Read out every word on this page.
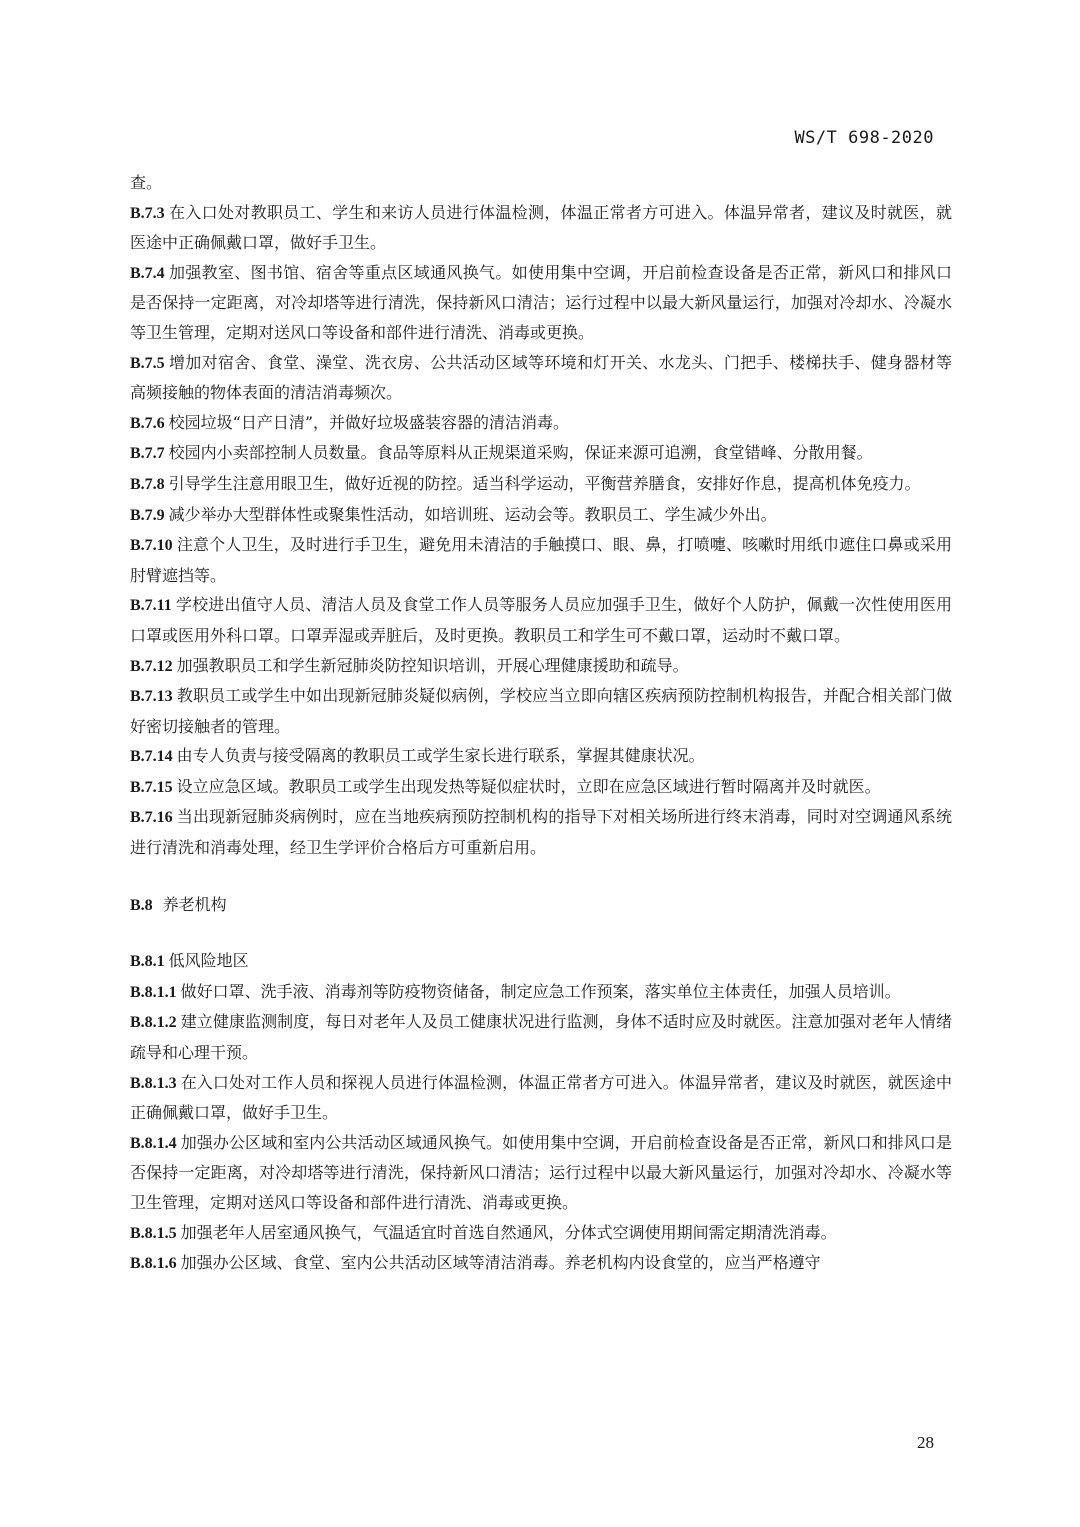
WS/T 698-2020

查。

B.7.3 在入口处对教职员工、学生和来访人员进行体温检测，体温正常者方可进入。体温异常者，建议及时就医，就医途中正确佩戴口罩，做好手卫生。

B.7.4 加强教室、图书馆、宿舍等重点区域通风换气。如使用集中空调，开启前检查设备是否正常，新风口和排风口是否保持一定距离，对冷却塔等进行清洗，保持新风口清洁；运行过程中以最大新风量运行，加强对冷却水、冷凝水等卫生管理，定期对送风口等设备和部件进行清洗、消毒或更换。

B.7.5 增加对宿舍、食堂、澡堂、洗衣房、公共活动区域等环境和灯开关、水龙头、门把手、楼梯扶手、健身器材等高频接触的物体表面的清洁消毒频次。

B.7.6 校园垃圾“日产日清”，并做好垃圾盛装容器的清洁消毒。

B.7.7 校园内小卖部控制人员数量。食品等原料从正规渠道采购，保证来源可追溯，食堂错峰、分散用餐。

B.7.8 引导学生注意用眼卫生，做好近视的防控。适当科学运动，平衡营养膳食，安排好作息，提高机体免疫力。

B.7.9 减少举办大型群体性或聚集性活动，如培训班、运动会等。教职员工、学生减少外出。

B.7.10 注意个人卫生，及时进行手卫生，避免用未清洁的手触摸口、眼、鼻，打喷嚏、咳嗽时用纸巾遮住口鼻或采用肘臂遮挡等。

B.7.11 学校进出值守人员、清洁人员及食堂工作人员等服务人员应加强手卫生，做好个人防护，佩戴一次性使用医用口罩或医用外科口罩。口罩弄湿或弄脏后，及时更换。教职员工和学生可不戴口罩，运动时不戴口罩。

B.7.12 加强教职员工和学生新冠肺炎防控知识培训，开展心理健康援助和疏导。

B.7.13 教职员工或学生中如出现新冠肺炎疑似病例，学校应当立即向辖区疾病预防控制机构报告，并配合相关部门做好密切接触者的管理。

B.7.14 由专人负责与接受隔离的教职员工或学生家长进行联系，掌握其健康状况。

B.7.15 设立应急区域。教职员工或学生出现发热等疑似症状时，立即在应急区域进行暂时隔离并及时就医。

B.7.16 当出现新冠肺炎病例时，应在当地疾病预防控制机构的指导下对相关场所进行终末消毒，同时对空调通风系统进行清洗和消毒处理，经卫生学评价合格后方可重新启用。

B.8 养老机构

B.8.1 低风险地区

B.8.1.1 做好口罩、洗手液、消毒剂等防疫物资储备，制定应急工作预案，落实单位主体责任，加强人员培训。

B.8.1.2 建立健康监测制度，每日对老年人及员工健康状况进行监测，身体不适时应及时就医。注意加强对老年人情绪疏导和心理干预。

B.8.1.3 在入口处对工作人员和探视人员进行体温检测，体温正常者方可进入。体温异常者，建议及时就医，就医途中正确佩戴口罩，做好手卫生。

B.8.1.4 加强办公区域和室内公共活动区域通风换气。如使用集中空调，开启前检查设备是否正常，新风口和排风口是否保持一定距离，对冷却塔等进行清洗，保持新风口清洁；运行过程中以最大新风量运行，加强对冷却水、冷凝水等卫生管理，定期对送风口等设备和部件进行清洗、消毒或更换。

B.8.1.5 加强老年人居室通风换气，气温适宜时首选自然通风，分体式空调使用期间需定期清洗消毒。

B.8.1.6 加强办公区域、食堂、室内公共活动区域等清洁消毒。养老机构内设食堂的，应当严格遵守

28
